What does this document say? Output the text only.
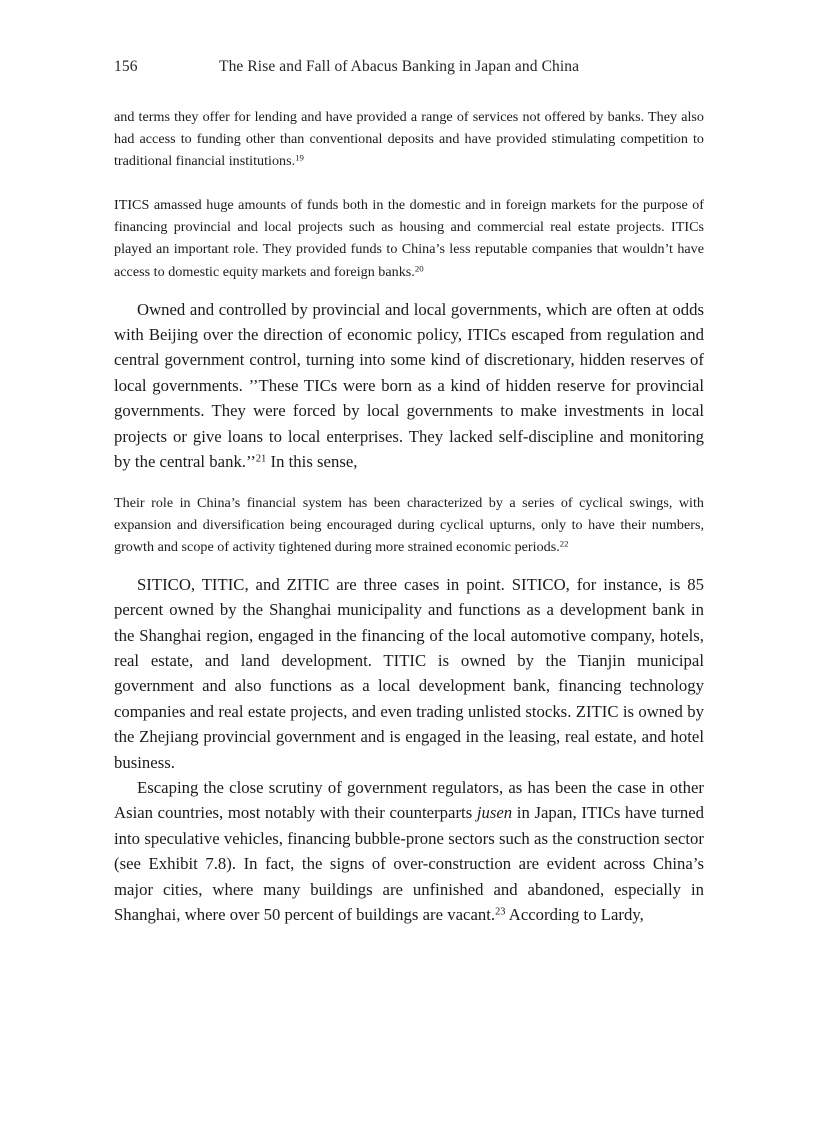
156	The Rise and Fall of Abacus Banking in Japan and China

and terms they offer for lending and have provided a range of services not offered by banks. They also had access to funding other than conventional deposits and have provided stimulating competition to traditional financial institutions.$^{19}$

ITICS amassed huge amounts of funds both in the domestic and in foreign markets for the purpose of financing provincial and local projects such as housing and commercial real estate projects. ITICs played an important role. They provided funds to China’s less reputable companies that wouldn’t have access to domestic equity markets and foreign banks.$^{20}$

Owned and controlled by provincial and local governments, which are often at odds with Beijing over the direction of economic policy, ITICs escaped from regulation and central government control, turning into some kind of discretionary, hidden reserves of local governments. ’’These TICs were born as a kind of hidden reserve for provincial governments. They were forced by local governments to make investments in local projects or give loans to local enterprises. They lacked self-discipline and monitoring by the central bank.’’$^{21}$ In this sense,

Their role in China’s financial system has been characterized by a series of cyclical swings, with expansion and diversification being encouraged during cyclical upturns, only to have their numbers, growth and scope of activity tightened during more strained economic periods.$^{22}$

SITICO, TITIC, and ZITIC are three cases in point. SITICO, for instance, is 85 percent owned by the Shanghai municipality and functions as a development bank in the Shanghai region, engaged in the financing of the local automotive company, hotels, real estate, and land development. TITIC is owned by the Tianjin municipal government and also functions as a local development bank, financing technology companies and real estate projects, and even trading unlisted stocks. ZITIC is owned by the Zhejiang provincial government and is engaged in the leasing, real estate, and hotel business.

Escaping the close scrutiny of government regulators, as has been the case in other Asian countries, most notably with their counterparts jusen in Japan, ITICs have turned into speculative vehicles, financing bubble-prone sectors such as the construction sector (see Exhibit 7.8). In fact, the signs of over-construction are evident across China’s major cities, where many buildings are unfinished and abandoned, especially in Shanghai, where over 50 percent of buildings are vacant.$^{23}$ According to Lardy,
